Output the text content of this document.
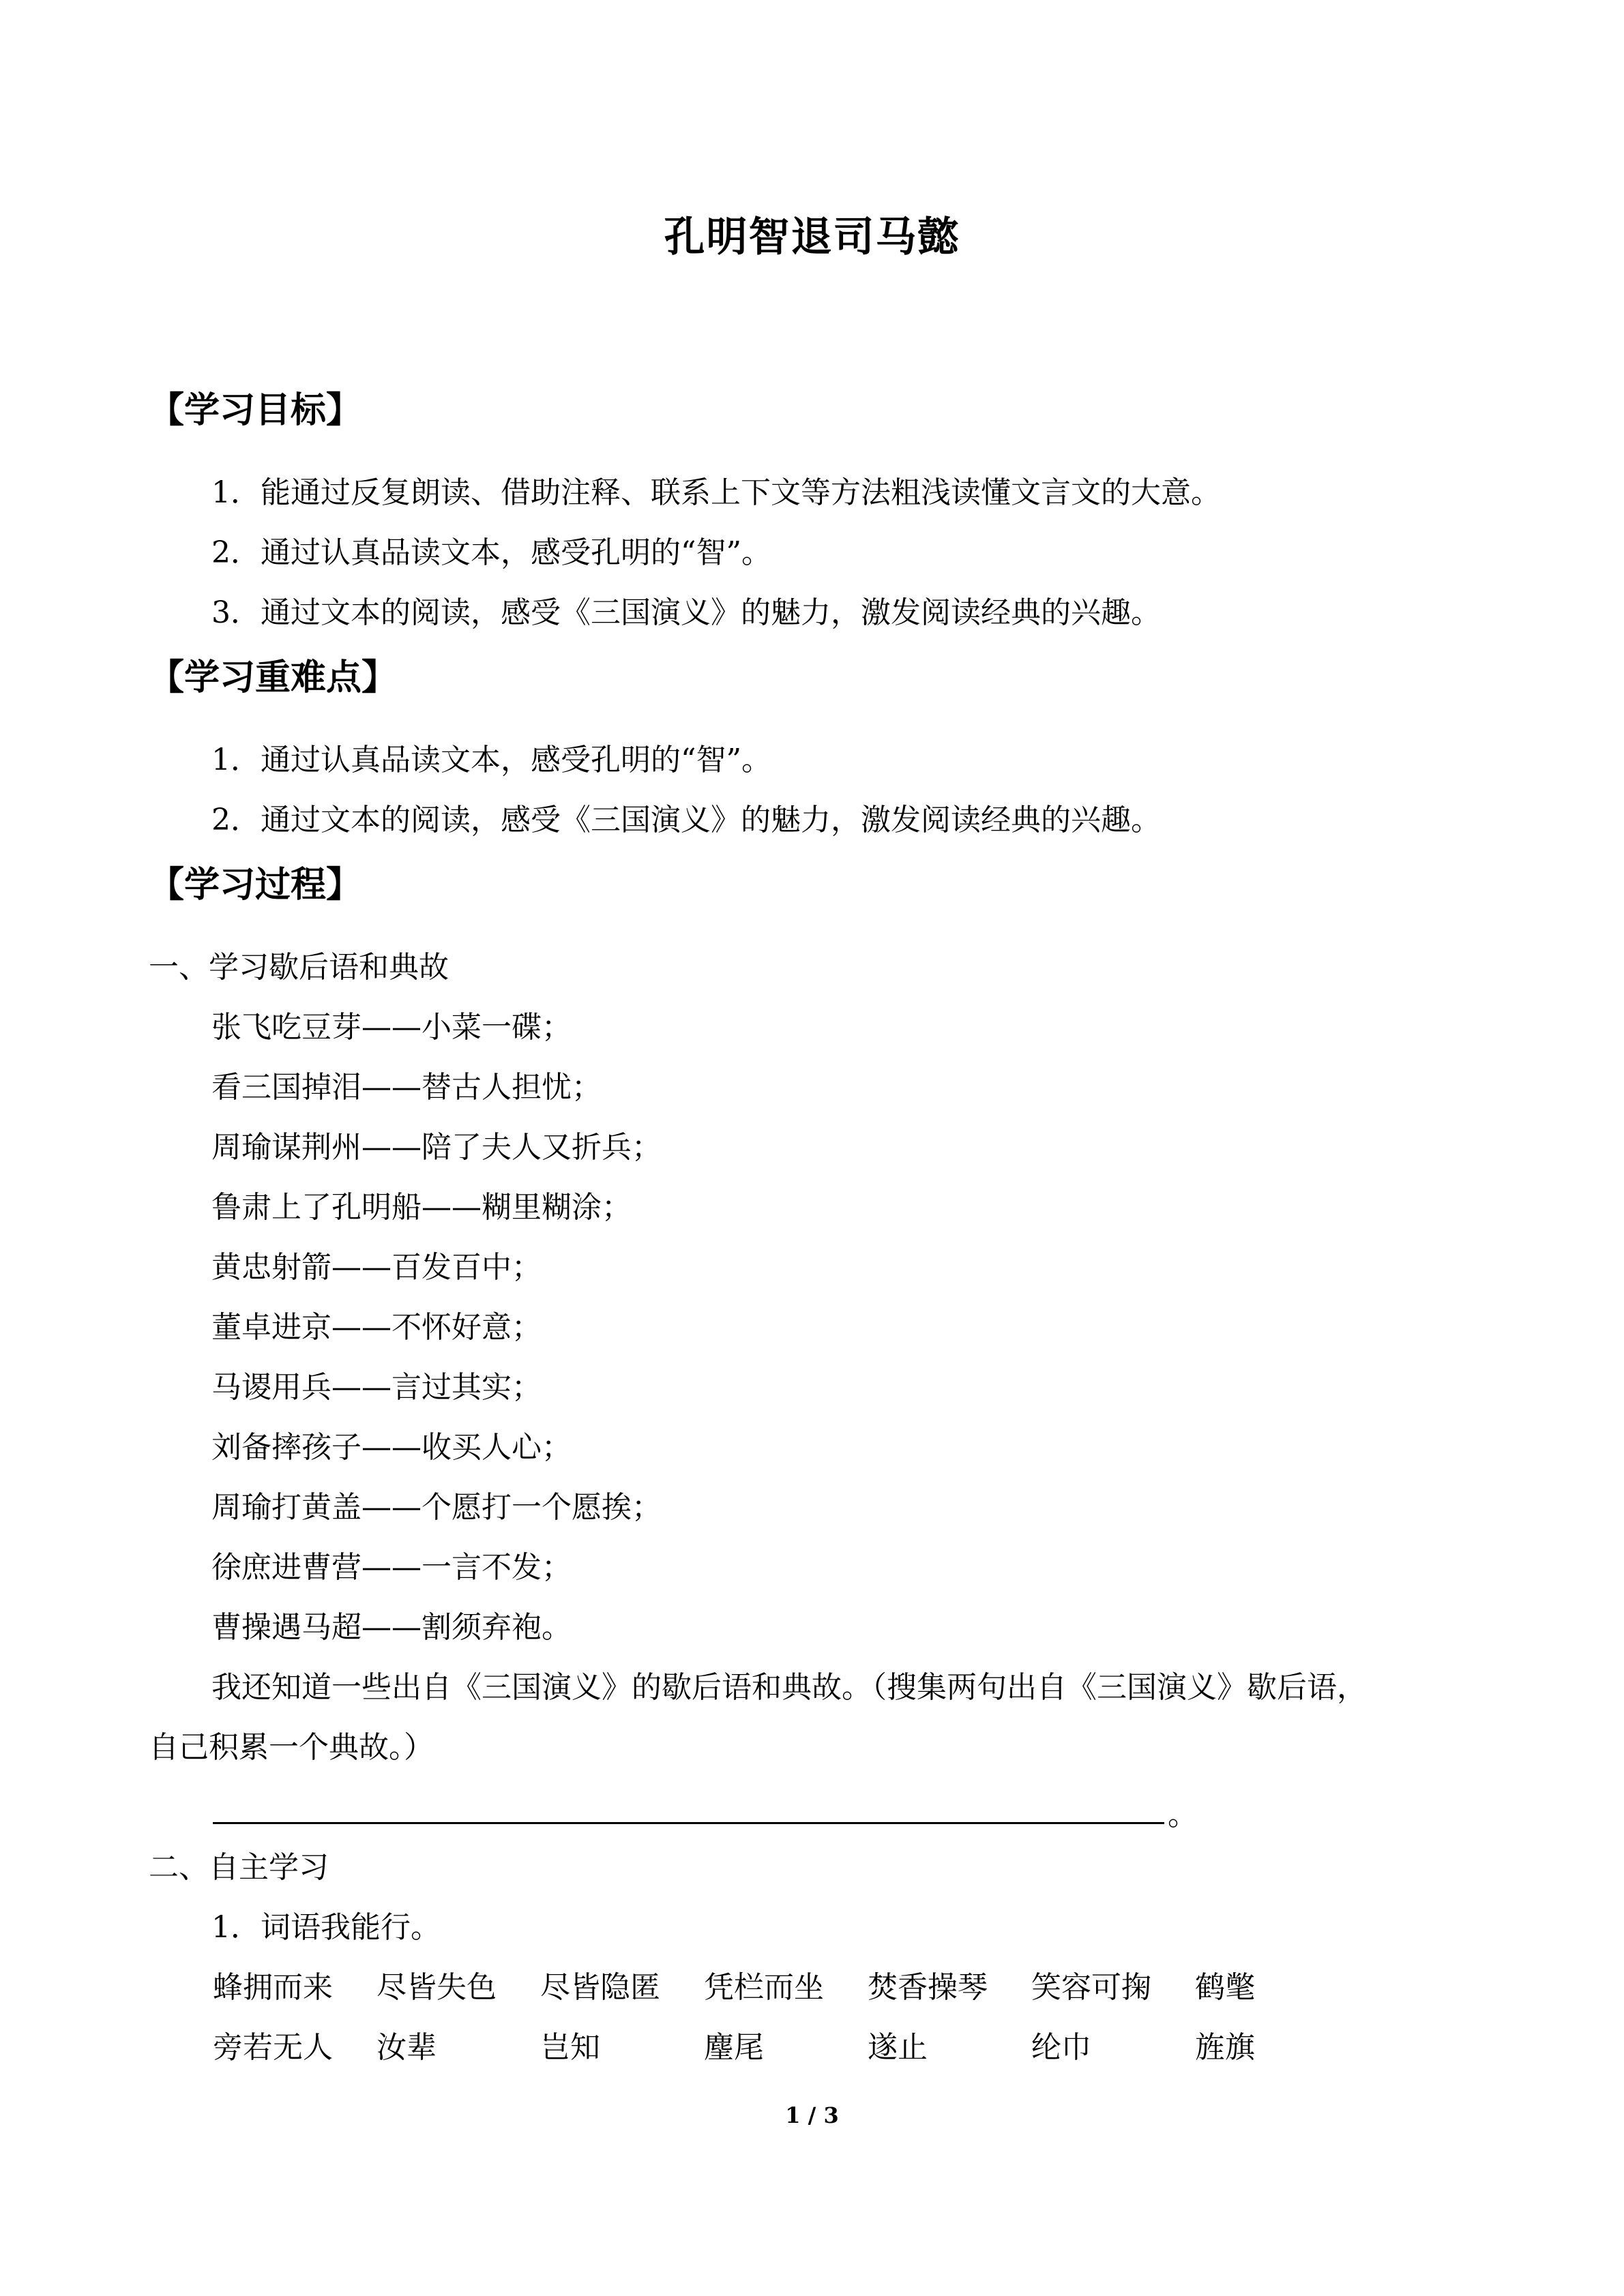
孔明智退司马懿
【学习目标】
1．能通过反复朗读、借助注释、联系上下文等方法粗浅读懂文言文的大意。
2．通过认真品读文本，感受孔明的“智”。
3．通过文本的阅读，感受《三国演义》的魅力，激发阅读经典的兴趣。
【学习重难点】
1．通过认真品读文本，感受孔明的“智”。
2．通过文本的阅读，感受《三国演义》的魅力，激发阅读经典的兴趣。
【学习过程】
一、学习歇后语和典故
张飞吃豆芽——小菜一碟；
看三国掉泪——替古人担忧；
周瑜谋荆州——陪了夫人又折兵；
鲁肃上了孔明船——糊里糊涂；
黄忠射箭——百发百中；
董卓进京——不怀好意；
马谡用兵——言过其实；
刘备摔孩子——收买人心；
周瑜打黄盖——个愿打一个愿挨；
徐庶进曹营——一言不发；
曹操遇马超——割须弃袍。
我还知道一些出自《三国演义》的歇后语和典故。（搜集两句出自《三国演义》歇后语，
自己积累一个典故。）
。
二、自主学习
1．词语我能行。
蜂拥而来 尽皆失色 尽皆隐匿 凭栏而坐 焚香操琴 笑容可掬 鹤氅
旁若无人 汝辈	岂知	麈尾	遂止	纶巾	旌旗
1 / 3
